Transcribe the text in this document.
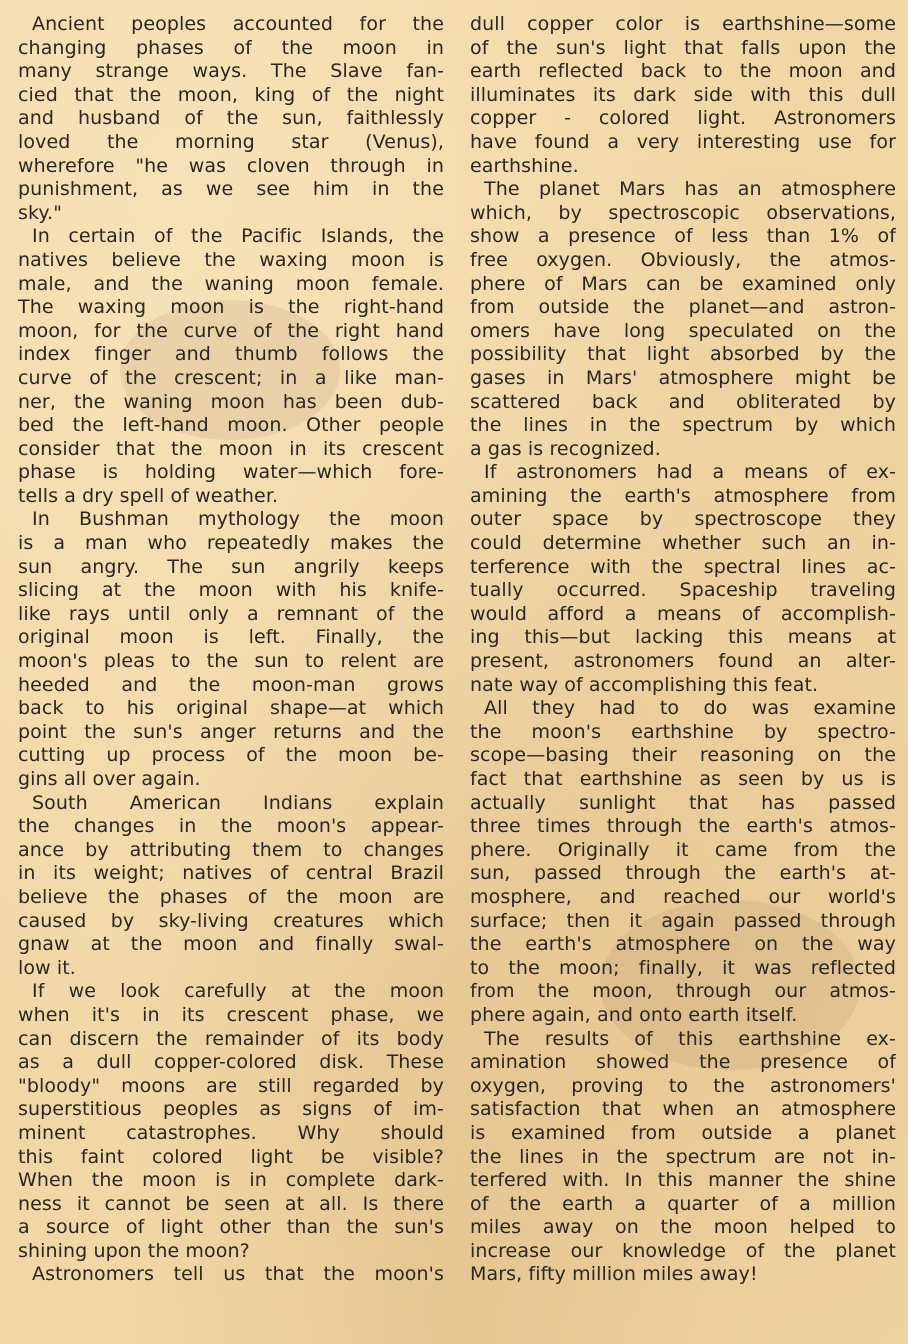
Ancient peoples accounted for the
changing phases of the moon in
many strange ways. The Slave fan-
cied that the moon, king of the night
and husband of the sun, faithlessly
loved the morning star (Venus),
wherefore "he was cloven through in
punishment, as we see him in the
sky."
In certain of the Pacific Islands, the
natives believe the waxing moon is
male, and the waning moon female.
The waxing moon is the right-hand
moon, for the curve of the right hand
index finger and thumb follows the
curve of the crescent; in a like man-
ner, the waning moon has been dub-
bed the left-hand moon. Other people
consider that the moon in its crescent
phase is holding water—which fore-
tells a dry spell of weather.
In Bushman mythology the moon
is a man who repeatedly makes the
sun angry. The sun angrily keeps
slicing at the moon with his knife-
like rays until only a remnant of the
original moon is left. Finally, the
moon's pleas to the sun to relent are
heeded and the moon-man grows
back to his original shape—at which
point the sun's anger returns and the
cutting up process of the moon be-
gins all over again.
South American Indians explain
the changes in the moon's appear-
ance by attributing them to changes
in its weight; natives of central Brazil
believe the phases of the moon are
caused by sky-living creatures which
gnaw at the moon and finally swal-
low it.
If we look carefully at the moon
when it's in its crescent phase, we
can discern the remainder of its body
as a dull copper-colored disk. These
"bloody" moons are still regarded by
superstitious peoples as signs of im-
minent catastrophes. Why should
this faint colored light be visible?
When the moon is in complete dark-
ness it cannot be seen at all. Is there
a source of light other than the sun's
shining upon the moon?
Astronomers tell us that the moon's
dull copper color is earthshine—some
of the sun's light that falls upon the
earth reflected back to the moon and
illuminates its dark side with this dull
copper - colored light. Astronomers
have found a very interesting use for
earthshine.
The planet Mars has an atmosphere
which, by spectroscopic observations,
show a presence of less than 1% of
free oxygen. Obviously, the atmos-
phere of Mars can be examined only
from outside the planet—and astron-
omers have long speculated on the
possibility that light absorbed by the
gases in Mars' atmosphere might be
scattered back and obliterated by
the lines in the spectrum by which
a gas is recognized.
If astronomers had a means of ex-
amining the earth's atmosphere from
outer space by spectroscope they
could determine whether such an in-
terference with the spectral lines ac-
tually occurred. Spaceship traveling
would afford a means of accomplish-
ing this—but lacking this means at
present, astronomers found an alter-
nate way of accomplishing this feat.
All they had to do was examine
the moon's earthshine by spectro-
scope—basing their reasoning on the
fact that earthshine as seen by us is
actually sunlight that has passed
three times through the earth's atmos-
phere. Originally it came from the
sun, passed through the earth's at-
mosphere, and reached our world's
surface; then it again passed through
the earth's atmosphere on the way
to the moon; finally, it was reflected
from the moon, through our atmos-
phere again, and onto earth itself.
The results of this earthshine ex-
amination showed the presence of
oxygen, proving to the astronomers'
satisfaction that when an atmosphere
is examined from outside a planet
the lines in the spectrum are not in-
terfered with. In this manner the shine
of the earth a quarter of a million
miles away on the moon helped to
increase our knowledge of the planet
Mars, fifty million miles away!
